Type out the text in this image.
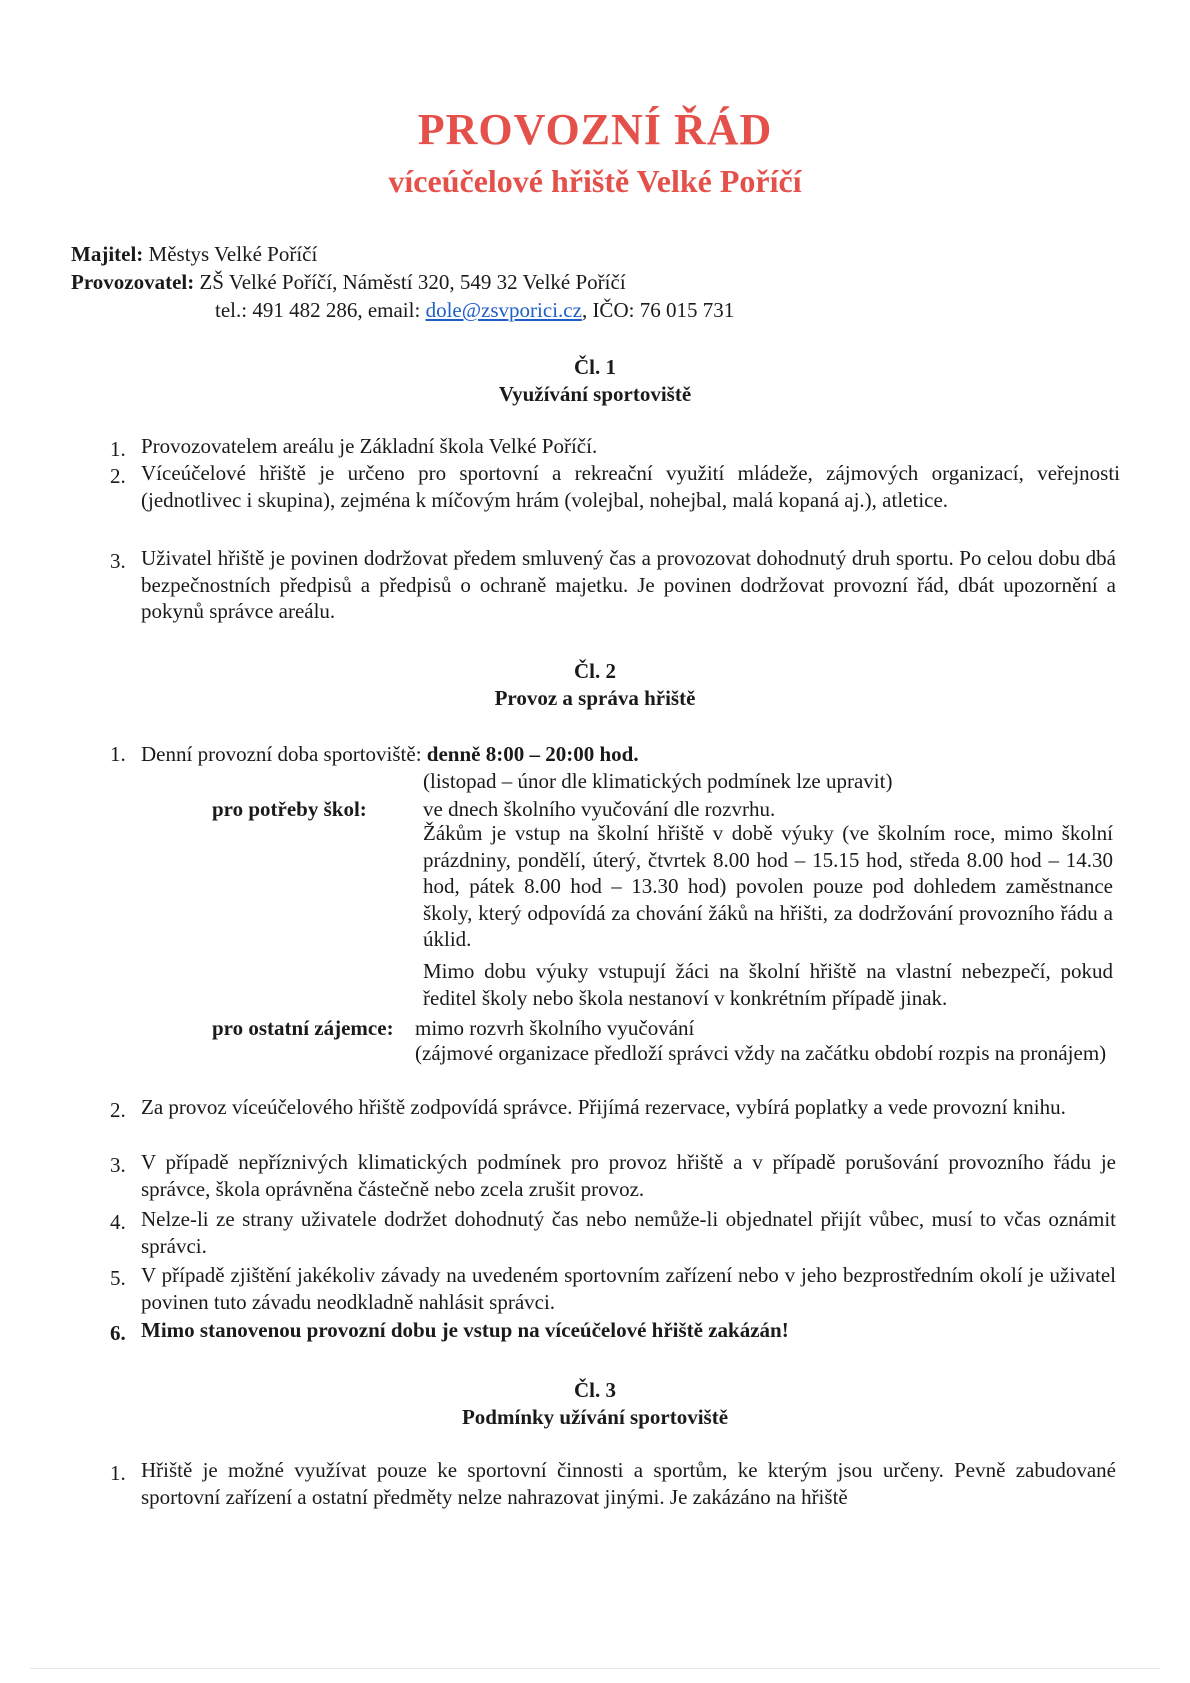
PROVOZNÍ ŘÁD
víceúčelové hřiště Velké Poříčí
Majitel: Městys Velké Poříčí
Provozovatel: ZŠ Velké Poříčí, Náměstí 320, 549 32 Velké Poříčí
tel.: 491 482 286, email: dole@zsvporici.cz, IČO: 76 015 731
Čl. 1
Využívání sportoviště
1. Provozovatelem areálu je Základní škola Velké Poříčí.
2. Víceúčelové hřiště je určeno pro sportovní a rekreační využití mládeže, zájmových organizací, veřejnosti (jednotlivec i skupina), zejména k míčovým hrám (volejbal, nohejbal, malá kopaná aj.), atletice.
3. Uživatel hřiště je povinen dodržovat předem smluvený čas a provozovat dohodnutý druh sportu. Po celou dobu dbá bezpečnostních předpisů a předpisů o ochraně majetku. Je povinen dodržovat provozní řád, dbát upozornění a pokynů správce areálu.
Čl. 2
Provoz a správa hřiště
1. Denní provozní doba sportoviště: denně 8:00 – 20:00 hod.
(listopad – únor dle klimatických podmínek lze upravit)
pro potřeby škol:	ve dnech školního vyučování dle rozvrhu.
Žákům je vstup na školní hřiště v době výuky (ve školním roce, mimo školní prázdniny, pondělí, úterý, čtvrtek 8.00 hod – 15.15 hod, středa 8.00 hod – 14.30 hod, pátek 8.00 hod – 13.30 hod) povolen pouze pod dohledem zaměstnance školy, který odpovídá za chování žáků na hřišti, za dodržování provozního řádu a úklid.
Mimo dobu výuky vstupují žáci na školní hřiště na vlastní nebezpečí, pokud ředitel školy nebo škola nestanoví v konkrétním případě jinak.
pro ostatní zájemce: mimo rozvrh školního vyučování
(zájmové organizace předloží správci vždy na začátku období rozpis na pronájem)
2. Za provoz víceúčelového hřiště zodpovídá správce. Přijímá rezervace, vybírá poplatky a vede provozní knihu.
3. V případě nepříznivých klimatických podmínek pro provoz hřiště a v případě porušování provozního řádu je správce, škola oprávněna částečně nebo zcela zrušit provoz.
4. Nelze-li ze strany uživatele dodržet dohodnutý čas nebo nemůže-li objednatel přijít vůbec, musí to včas oznámit správci.
5. V případě zjištění jakékoliv závady na uvedeném sportovním zařízení nebo v jeho bezprostředním okolí je uživatel povinen tuto závadu neodkladně nahlásit správci.
6. Mimo stanovenou provozní dobu je vstup na víceúčelové hřiště zakázán!
Čl. 3
Podmínky užívání sportoviště
1. Hřiště je možné využívat pouze ke sportovní činnosti a sportům, ke kterým jsou určeny. Pevně zabudované sportovní zařízení a ostatní předměty nelze nahrazovat jinými. Je zakázáno na hřiště
